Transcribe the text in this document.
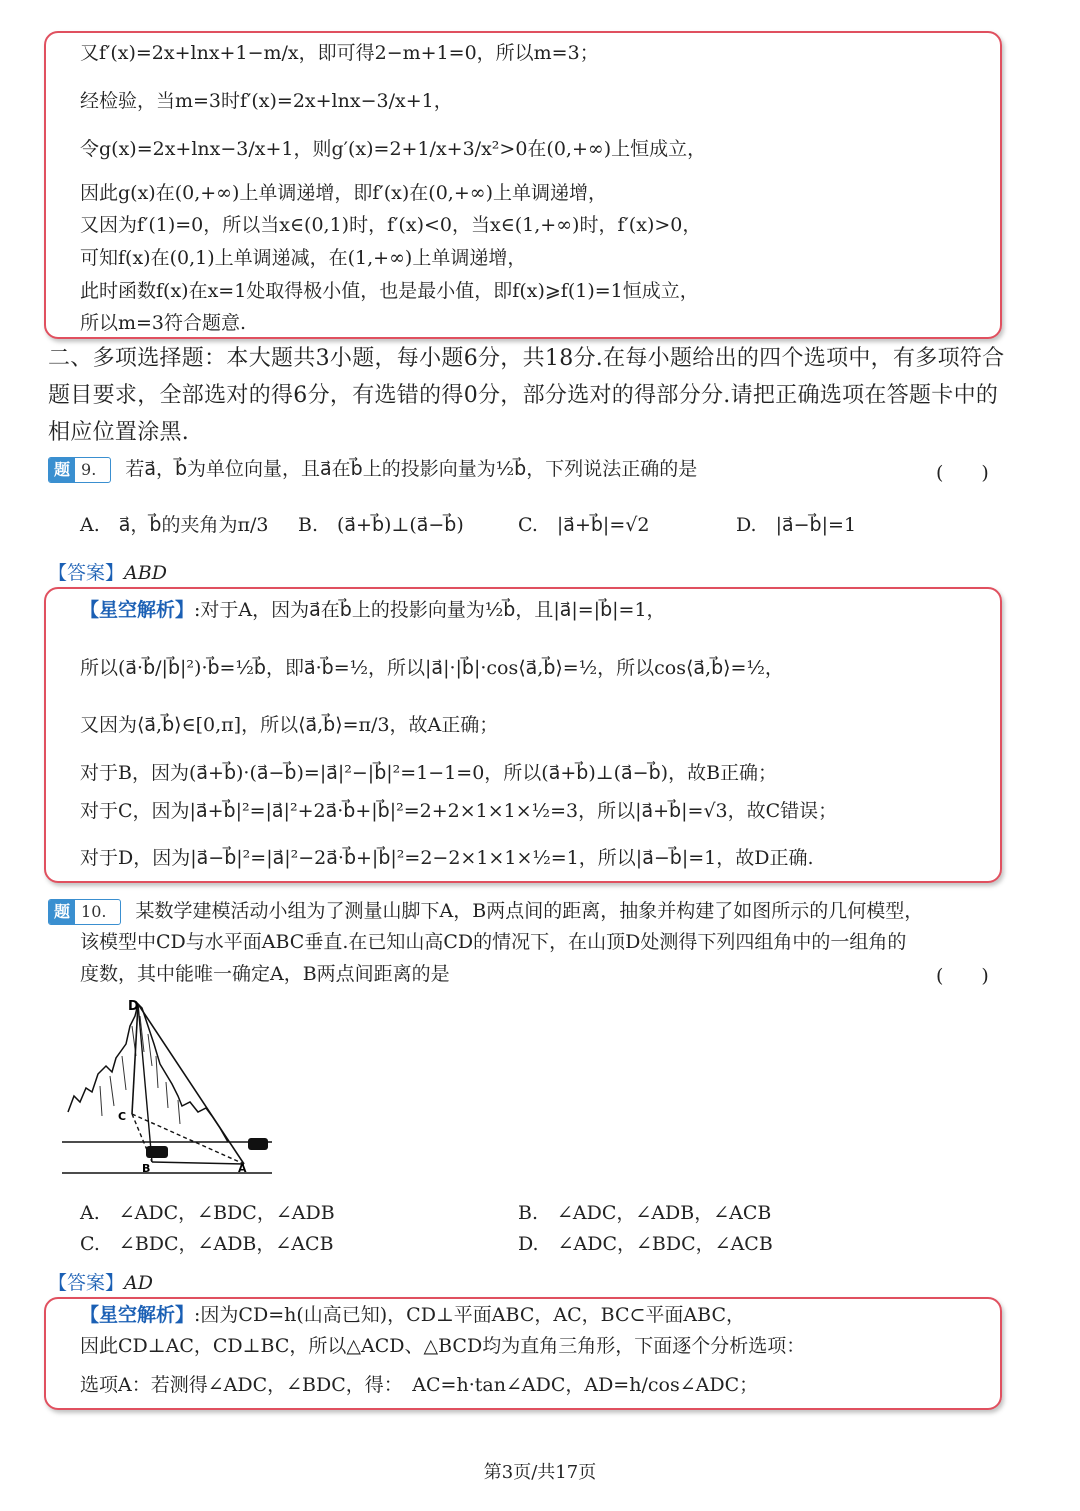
又f′(x)=2x+lnx+1−m/x，即可得2−m+1=0，所以m=3；
经检验，当m=3时f′(x)=2x+lnx−3/x+1，
令g(x)=2x+lnx−3/x+1，则g′(x)=2+1/x+3/x²>0在(0,+∞)上恒成立，
因此g(x)在(0,+∞)上单调递增，即f′(x)在(0,+∞)上单调递增，
又因为f′(1)=0，所以当x∈(0,1)时，f′(x)<0，当x∈(1,+∞)时，f′(x)>0，
可知f(x)在(0,1)上单调递减，在(1,+∞)上单调递增，
此时函数f(x)在x=1处取得极小值，也是最小值，即f(x)⩾f(1)=1恒成立，
所以m=3符合题意.
二、多项选择题：本大题共3小题，每小题6分，共18分.在每小题给出的四个选项中，有多项符合题目要求，全部选对的得6分，有选错的得0分，部分选对的得部分分.请把正确选项在答题卡中的相应位置涂黑.
题 9. 若a⃗，b⃗为单位向量，且a⃗在b⃗上的投影向量为½b⃗，下列说法正确的是	(　　)
A.　a⃗，b⃗的夹角为π/3 B.　(a⃗+b⃗)⊥(a⃗−b⃗)	C.　|a⃗+b⃗|=√2	D.　|a⃗−b⃗|=1
【答案】ABD
【星空解析】:对于A，因为a⃗在b⃗上的投影向量为½b⃗，且|a⃗|=|b⃗|=1，
所以(a⃗·b⃗/|b⃗|²)·b⃗=½b⃗，即a⃗·b⃗=½，所以|a⃗|·|b⃗|·cos⟨a⃗,b⃗⟩=½，所以cos⟨a⃗,b⃗⟩=½，
又因为⟨a⃗,b⃗⟩∈[0,π]，所以⟨a⃗,b⃗⟩=π/3，故A正确；
对于B，因为(a⃗+b⃗)·(a⃗−b⃗)=|a⃗|²−|b⃗|²=1−1=0，所以(a⃗+b⃗)⊥(a⃗−b⃗)，故B正确；
对于C，因为|a⃗+b⃗|²=|a⃗|²+2a⃗·b⃗+|b⃗|²=2+2×1×1×½=3，所以|a⃗+b⃗|=√3，故C错误；
对于D，因为|a⃗−b⃗|²=|a⃗|²−2a⃗·b⃗+|b⃗|²=2−2×1×1×½=1，所以|a⃗−b⃗|=1，故D正确.
题 10. 某数学建模活动小组为了测量山脚下A，B两点间的距离，抽象并构建了如图所示的几何模型，
该模型中CD与水平面ABC垂直.在已知山高CD的情况下，在山顶D处测得下列四组角中的一组角的
度数，其中能唯一确定A，B两点间距离的是	(　　)
D
C
B	A
A.　∠ADC，∠BDC，∠ADB	B.　∠ADC，∠ADB，∠ACB
C.　∠BDC，∠ADB，∠ACB	D.　∠ADC，∠BDC，∠ACB
【答案】AD
【星空解析】:因为CD=h(山高已知)，CD⊥平面ABC，AC，BC⊂平面ABC，
因此CD⊥AC，CD⊥BC，所以△ACD、△BCD均为直角三角形，下面逐个分析选项：
选项A：若测得∠ADC，∠BDC，得：　AC=h·tan∠ADC，AD=h/cos∠ADC；
第3页/共17页
